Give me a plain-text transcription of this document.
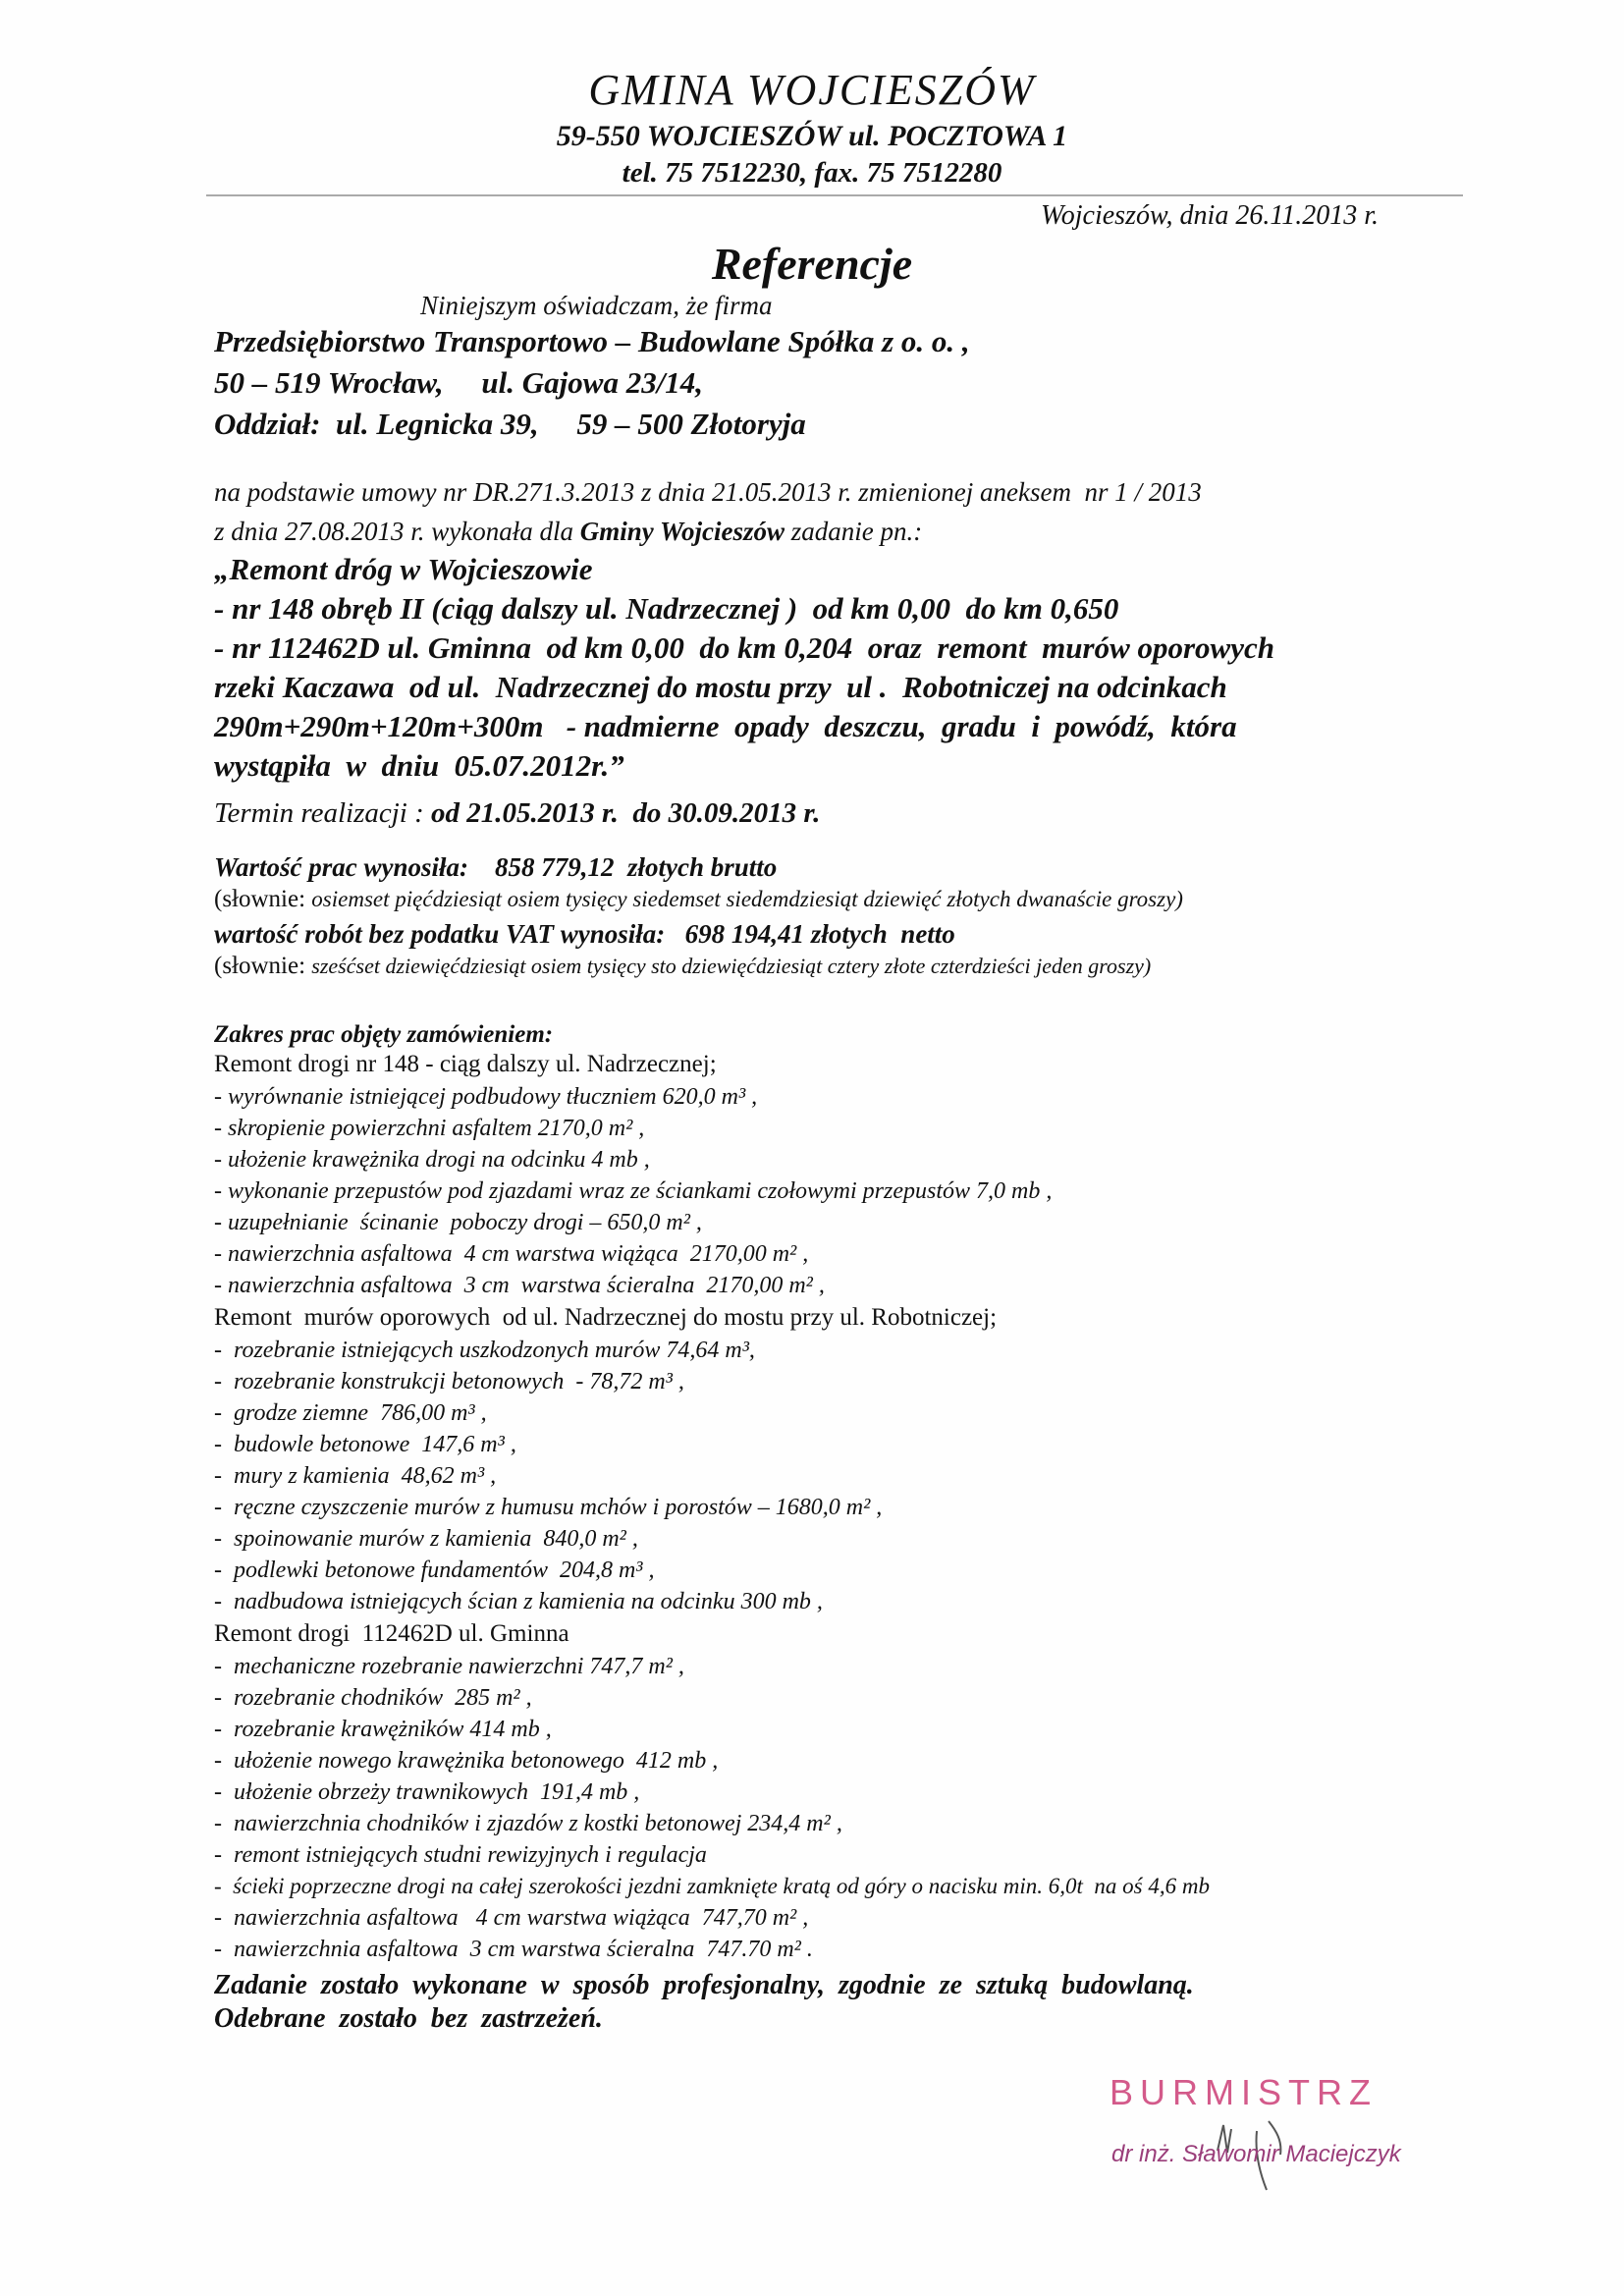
GMINA WOJCIESZÓW
59-550 WOJCIESZÓW ul. POCZTOWA 1
tel. 75 7512230, fax. 75 7512280
Wojcieszów, dnia 26.11.2013 r.
Referencje
Niniejszym oświadczam, że firma
Przedsiębiorstwo Transportowo – Budowlane Spółka z o. o. ,
50 – 519 Wrocław,     ul. Gajowa 23/14,
Oddział:  ul. Legnicka 39,     59 – 500 Złotoryja
na podstawie umowy nr DR.271.3.2013 z dnia 21.05.2013 r. zmienionej aneksem  nr 1 / 2013
z dnia 27.08.2013 r. wykonała dla Gminy Wojcieszów zadanie pn.:
„Remont dróg w Wojcieszowie
- nr 148 obręb II (ciąg dalszy ul. Nadrzecznej )  od km 0,00  do km 0,650
- nr 112462D ul. Gminna  od km 0,00  do km 0,204  oraz  remont  murów oporowych
rzeki Kaczawa  od ul.  Nadrzecznej do mostu przy  ul .  Robotniczej na odcinkach
290m+290m+120m+300m   - nadmierne  opady  deszczu,  gradu  i  powódź,  która
wystąpiła  w  dniu  05.07.2012r.”
Termin realizacji : od 21.05.2013 r.  do 30.09.2013 r.
Wartość prac wynosiła: 858 779,12  złotych brutto
(słownie: osiemset pięćdziesiąt osiem tysięcy siedemset siedemdziesiąt dziewięć złotych dwanaście groszy)
wartość robót bez podatku VAT wynosiła: 698 194,41 złotych  netto
(słownie: sześćset dziewięćdziesiąt osiem tysięcy sto dziewięćdziesiąt cztery złote czterdzieści jeden groszy)
Zakres prac objęty zamówieniem:
Remont drogi nr 148 - ciąg dalszy ul. Nadrzecznej;
- wyrównanie istniejącej podbudowy tłuczniem 620,0 m³ ,
- skropienie powierzchni asfaltem 2170,0 m² ,
- ułożenie krawężnika drogi na odcinku 4 mb ,
- wykonanie przepustów pod zjazdami wraz ze ściankami czołowymi przepustów 7,0 mb ,
- uzupełnianie  ścinanie  poboczy drogi – 650,0 m² ,
- nawierzchnia asfaltowa  4 cm warstwa wiążąca  2170,00 m² ,
- nawierzchnia asfaltowa  3 cm  warstwa ścieralna  2170,00 m² ,
Remont  murów oporowych  od ul. Nadrzecznej do mostu przy ul. Robotniczej;
-  rozebranie istniejących uszkodzonych murów 74,64 m³,
-  rozebranie konstrukcji betonowych  - 78,72 m³ ,
-  grodze ziemne  786,00 m³ ,
-  budowle betonowe  147,6 m³ ,
-  mury z kamienia  48,62 m³ ,
-  ręczne czyszczenie murów z humusu mchów i porostów – 1680,0 m² ,
-  spoinowanie murów z kamienia  840,0 m² ,
-  podlewki betonowe fundamentów  204,8 m³ ,
-  nadbudowa istniejących ścian z kamienia na odcinku 300 mb ,
Remont drogi  112462D ul. Gminna
-  mechaniczne rozebranie nawierzchni 747,7 m² ,
-  rozebranie chodników  285 m² ,
-  rozebranie krawężników 414 mb ,
-  ułożenie nowego krawężnika betonowego  412 mb ,
-  ułożenie obrzeży trawnikowych  191,4 mb ,
-  nawierzchnia chodników i zjazdów z kostki betonowej 234,4 m² ,
-  remont istniejących studni rewizyjnych i regulacja
-  ścieki poprzeczne drogi na całej szerokości jezdni zamknięte kratą od góry o nacisku min. 6,0t  na oś 4,6 mb
-  nawierzchnia asfaltowa   4 cm warstwa wiążąca  747,70 m² ,
-  nawierzchnia asfaltowa  3 cm warstwa ścieralna  747.70 m² .
Zadanie  zostało  wykonane  w  sposób  profesjonalny,  zgodnie  ze  sztuką  budowlaną.
Odebrane  zostało  bez  zastrzeżeń.
BURMISTRZ
dr inż. Sławomir Maciejczyk
